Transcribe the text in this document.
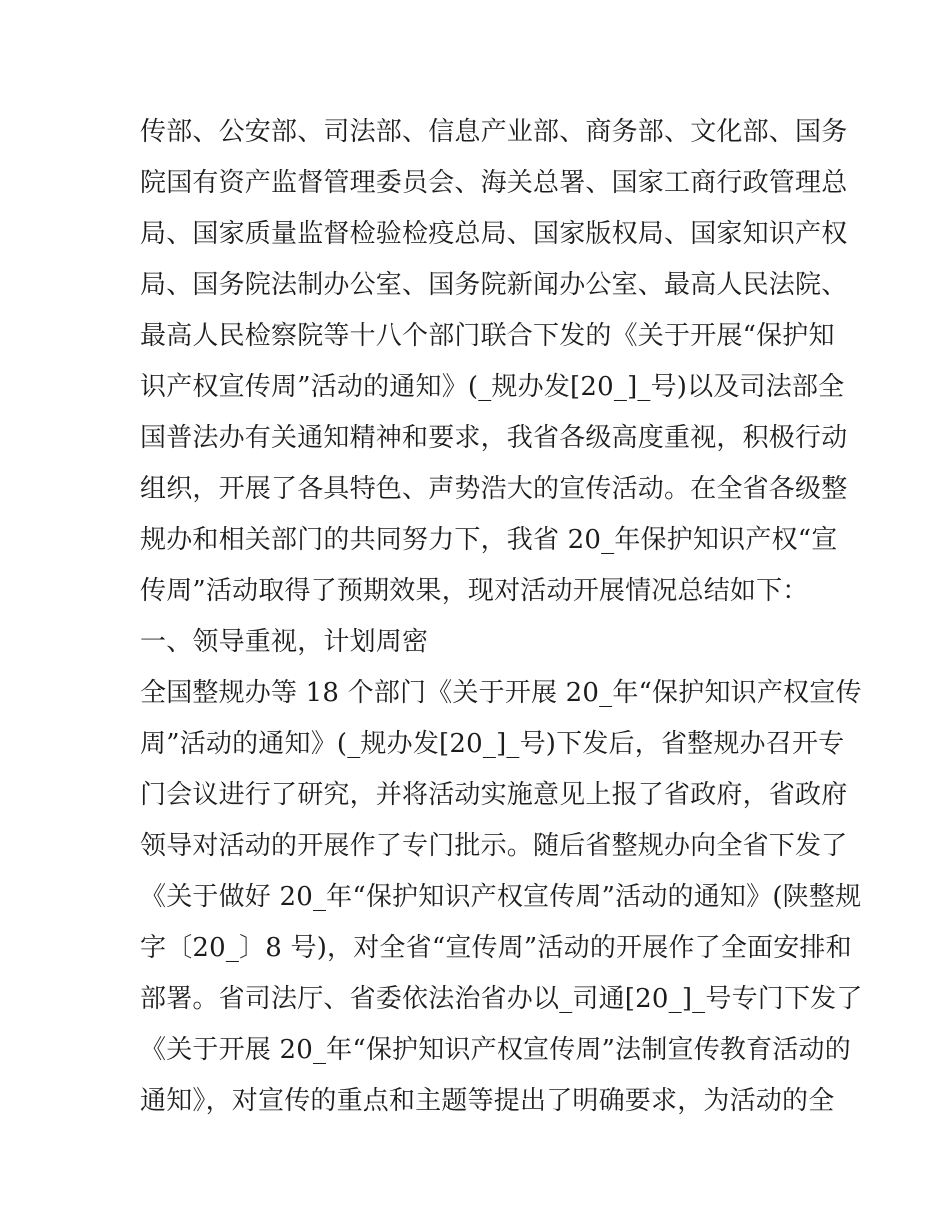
传部、公安部、司法部、信息产业部、商务部、文化部、国务
院国有资产监督管理委员会、海关总署、国家工商行政管理总
局、国家质量监督检验检疫总局、国家版权局、国家知识产权
局、国务院法制办公室、国务院新闻办公室、最高人民法院、
最高人民检察院等十八个部门联合下发的《关于开展“保护知
识产权宣传周”活动的通知》(_规办发[20_]_号)以及司法部全
国普法办有关通知精神和要求，我省各级高度重视，积极行动
组织，开展了各具特色、声势浩大的宣传活动。在全省各级整
规办和相关部门的共同努力下，我省 20_年保护知识产权“宣
传周”活动取得了预期效果，现对活动开展情况总结如下：
一、领导重视，计划周密
全国整规办等 18 个部门《关于开展 20_年“保护知识产权宣传
周”活动的通知》(_规办发[20_]_号)下发后，省整规办召开专
门会议进行了研究，并将活动实施意见上报了省政府，省政府
领导对活动的开展作了专门批示。随后省整规办向全省下发了
《关于做好 20_年“保护知识产权宣传周”活动的通知》(陕整规
字〔20_〕8 号)，对全省“宣传周”活动的开展作了全面安排和
部署。省司法厅、省委依法治省办以_司通[20_]_号专门下发了
《关于开展 20_年“保护知识产权宣传周”法制宣传教育活动的
通知》，对宣传的重点和主题等提出了明确要求，为活动的全
